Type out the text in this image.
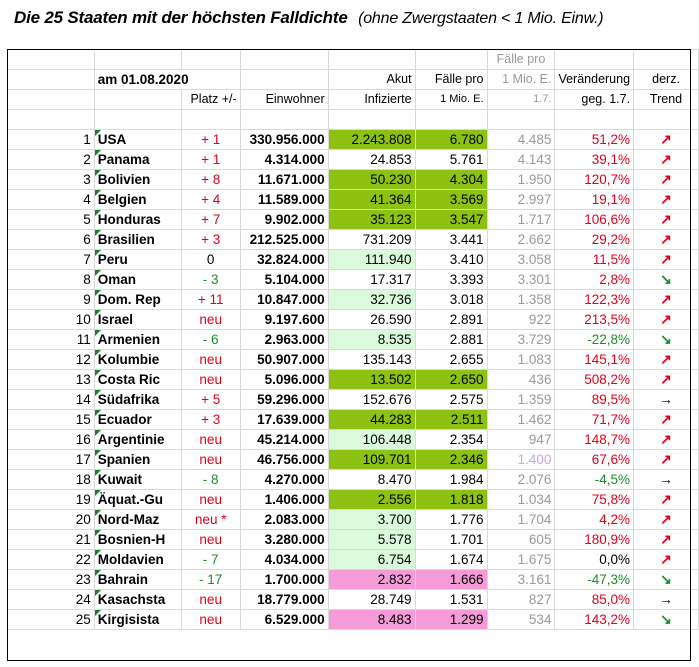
Die 25 Staaten mit der höchsten Falldichte (ohne Zwergstaaten < 1 Mio. Einw.)
						Fälle pro		
	am 01.08.2020			Akut	Fälle pro	1 Mio. E.	Veränderung	derz.
		Platz +/-	Einwohner	Infizierte	1 Mio. E.	1.7.	geg. 1.7.	Trend

1	USA	+ 1	330.956.000	2.243.808	6.780	4.485	51,2%	↗
2	Panama	+ 1	4.314.000	24.853	5.761	4.143	39,1%	↗
3	Bolivien	+ 8	11.671.000	50.230	4.304	1.950	120,7%	↗
4	Belgien	+ 4	11.589.000	41.364	3.569	2.997	19,1%	↗
5	Honduras	+ 7	9.902.000	35.123	3.547	1.717	106,6%	↗
6	Brasilien	+ 3	212.525.000	731.209	3.441	2.662	29,2%	↗
7	Peru	0	32.824.000	111.940	3.410	3.058	11,5%	↗
8	Oman	- 3	5.104.000	17.317	3.393	3.301	2,8%	↘
9	Dom. Rep	+ 11	10.847.000	32.736	3.018	1.358	122,3%	↗
10	Israel	neu	9.197.600	26.590	2.891	922	213,5%	↗
11	Armenien	- 6	2.963.000	8.535	2.881	3.729	-22,8%	↘
12	Kolumbie	neu	50.907.000	135.143	2.655	1.083	145,1%	↗
13	Costa Ric	neu	5.096.000	13.502	2.650	436	508,2%	↗
14	Südafrika	+ 5	59.296.000	152.676	2.575	1.359	89,5%	→
15	Ecuador	+ 3	17.639.000	44.283	2.511	1.462	71,7%	↗
16	Argentinie	neu	45.214.000	106.448	2.354	947	148,7%	↗
17	Spanien	neu	46.756.000	109.701	2.346	1.400	67,6%	↗
18	Kuwait	- 8	4.270.000	8.470	1.984	2.076	-4,5%	→
19	Äquat.-Gu	neu	1.406.000	2.556	1.818	1.034	75,8%	↗
20	Nord-Maz	neu *	2.083.000	3.700	1.776	1.704	4,2%	↗
21	Bosnien-H	neu	3.280.000	5.578	1.701	605	180,9%	↗
22	Moldavien	- 7	4.034.000	6.754	1.674	1.675	0,0%	↗
23	Bahrain	- 17	1.700.000	2.832	1.666	3.161	-47,3%	↘
24	Kasachsta	neu	18.779.000	28.749	1.531	827	85,0%	→
25	Kirgisista	neu	6.529.000	8.483	1.299	534	143,2%	↘
